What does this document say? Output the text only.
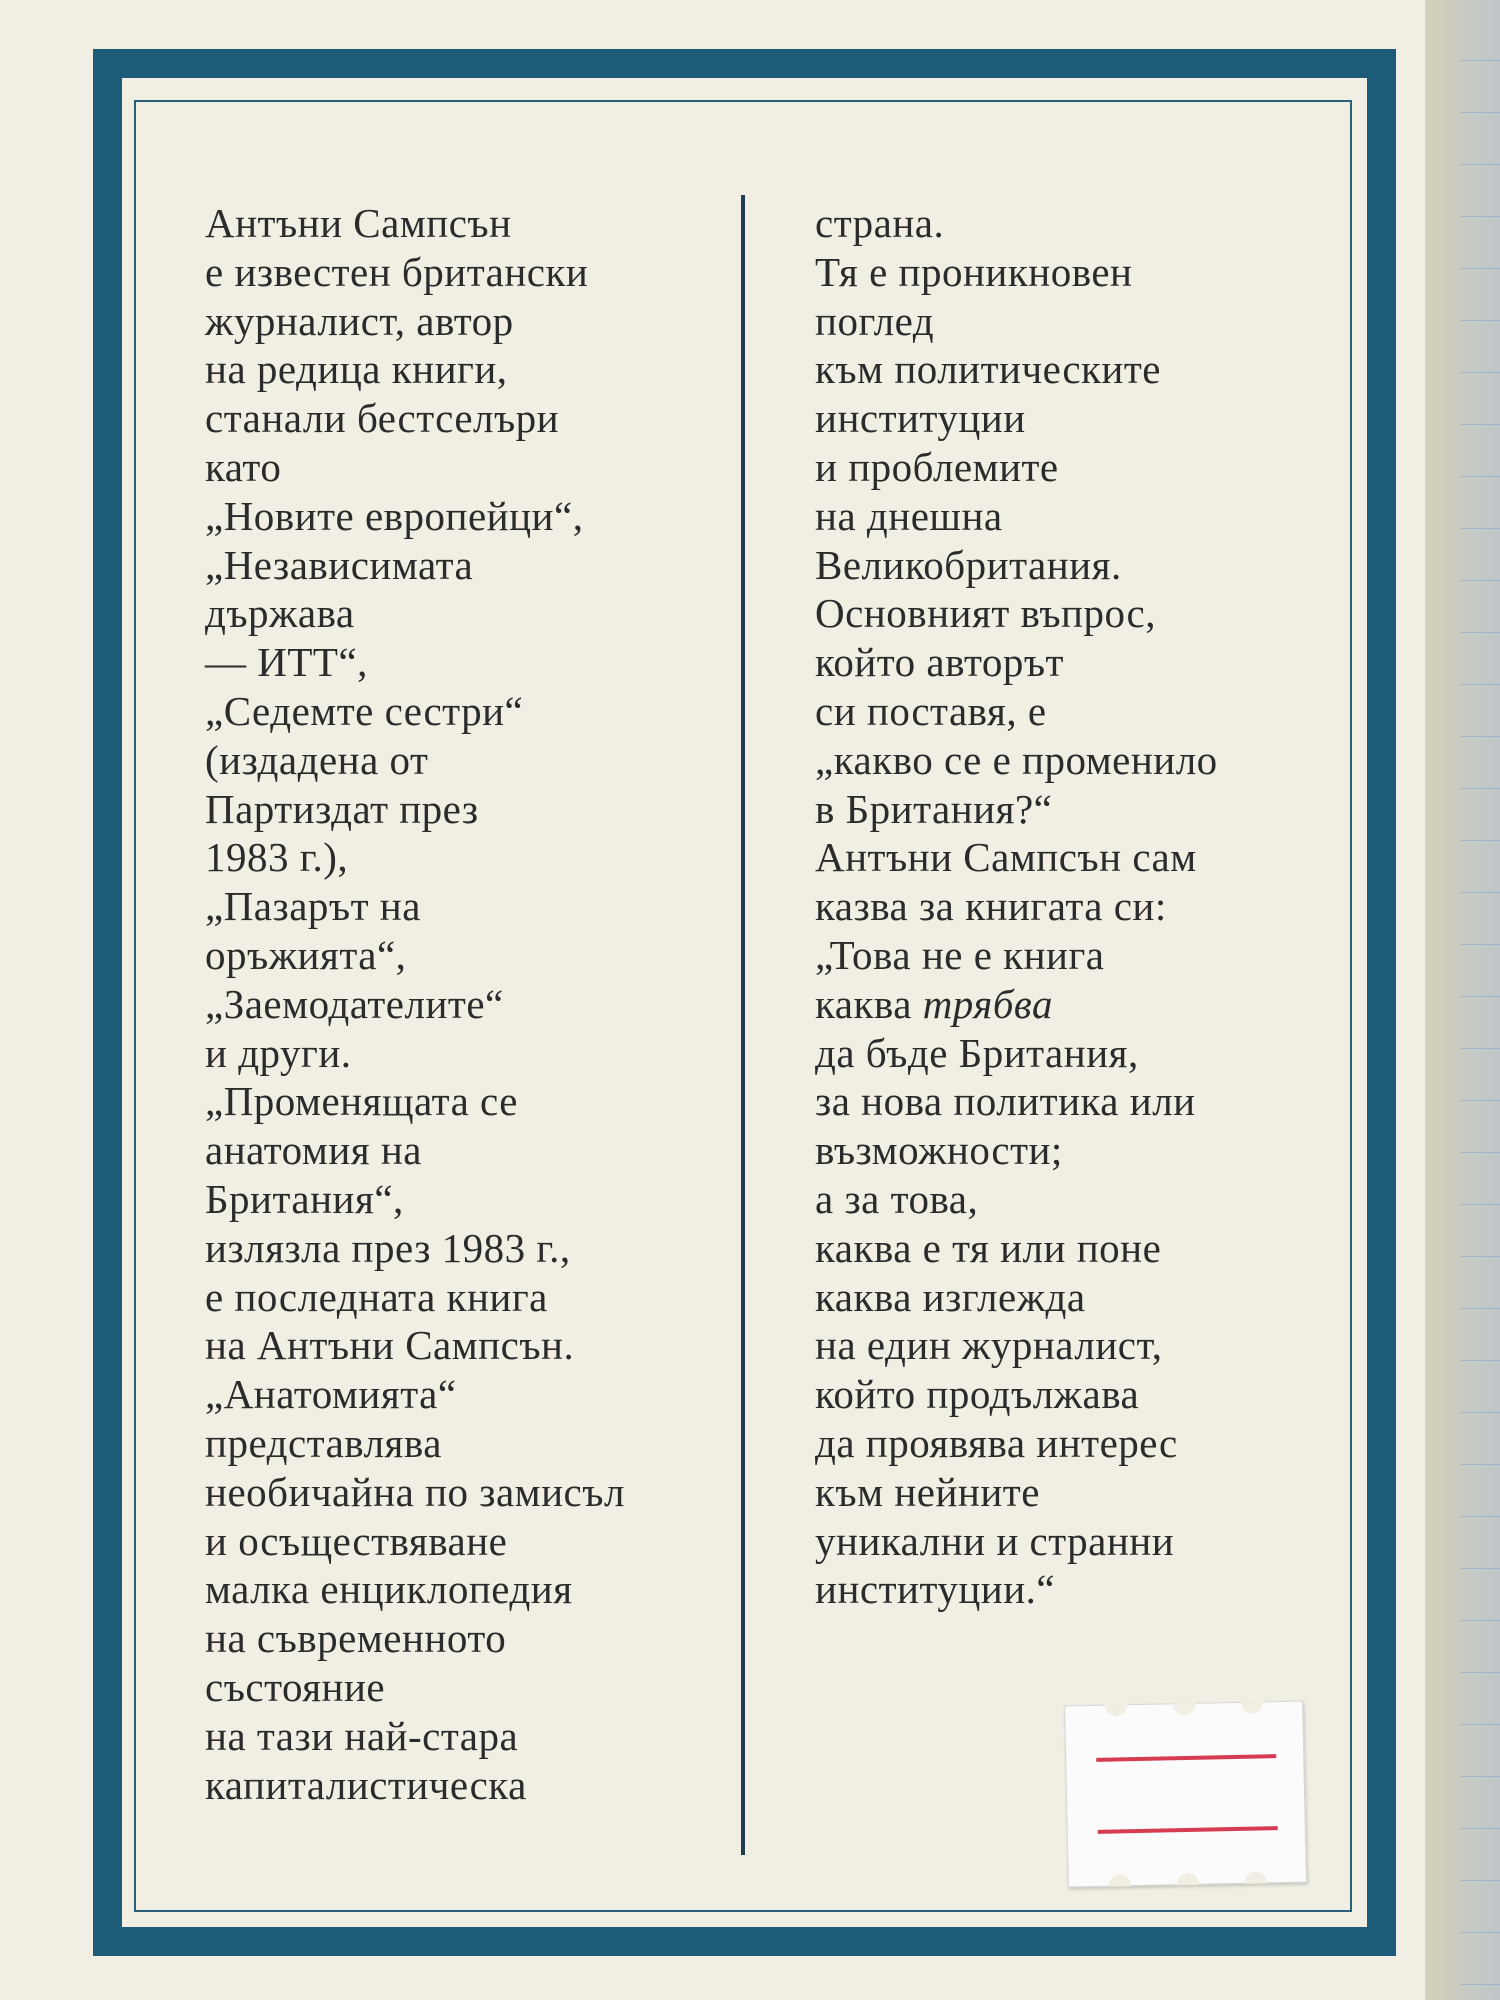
Антъни Сампсън
е известен британски
журналист, автор
на редица книги,
станали бестселъри
като
„Новите европейци“,
„Независимата
държава
— ИТТ“,
„Седемте сестри“
(издадена от
Партиздат през
1983 г.),
„Пазарът на
оръжията“,
„Заемодателите“
и други.
„Променящата се
анатомия на
Британия“,
излязла през 1983 г.,
е последната книга
на Антъни Сампсън.
„Анатомията“
представлява
необичайна по замисъл
и осъществяване
малка енциклопедия
на съвременното
състояние
на тази най-стара
капиталистическа
страна.
Тя е проникновен
поглед
към политическите
институции
и проблемите
на днешна
Великобритания.
Основният въпрос,
който авторът
си поставя, е
„какво се е променило
в Британия?“
Антъни Сампсън сам
казва за книгата си:
„Това не е книга
каква трябва
да бъде Британия,
за нова политика или
възможности;
а за това,
каква е тя или поне
каква изглежда
на един журналист,
който продължава
да проявява интерес
към нейните
уникални и странни
институции.“
